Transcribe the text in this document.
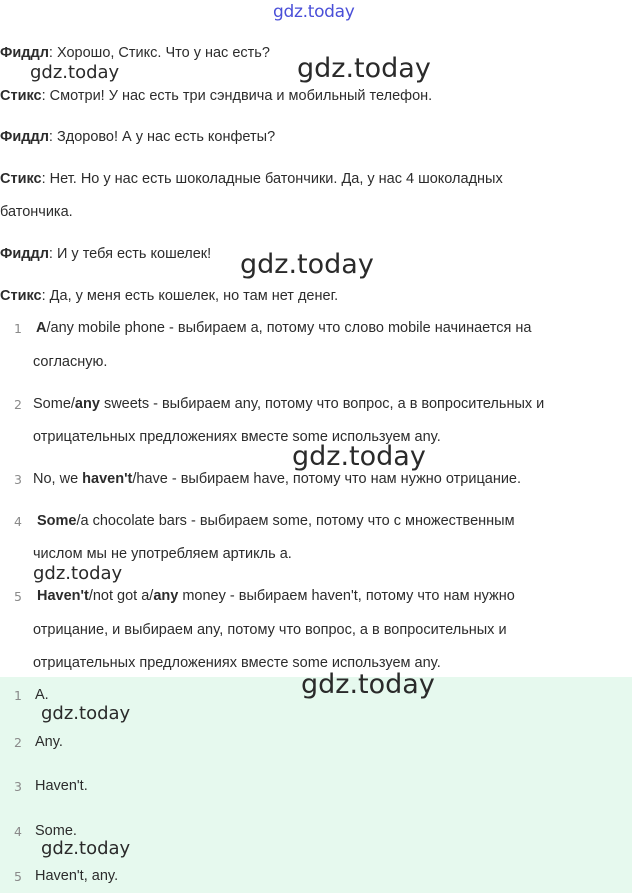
gdz.today
gdz.today	gdz.today
gdz.today
gdz.today
gdz.today
Фиддл: Хорошо, Стикс. Что у нас есть?
Стикс: Смотри! У нас есть три сэндвича и мобильный телефон.
Фиддл: Здорово! А у нас есть конфеты?
Стикс: Нет. Но у нас есть шоколадные батончики. Да, у нас 4 шоколадных
батончика.
Фиддл: И у тебя есть кошелек!
Стикс: Да, у меня есть кошелек, но там нет денег.
1 A/any mobile phone - выбираем a, потому что слово mobile начинается на
согласную.
2 Some/any sweets - выбираем any, потому что вопрос, а в вопросительных и
отрицательных предложениях вместе some используем any.
3 No, we haven't/have - выбираем have, потому что нам нужно отрицание.
4 Some/a chocolate bars - выбираем some, потому что с множественным
числом мы не употребляем артикль a.
5 Haven't/not got a/any money - выбираем haven't, потому что нам нужно
отрицание, и выбираем any, потому что вопрос, а в вопросительных и
отрицательных предложениях вместе some используем any.
1 A.
2 Any.
3 Haven't.
4 Some.
5 Haven't, any.
gdz.today
gdz.today
gdz.today
